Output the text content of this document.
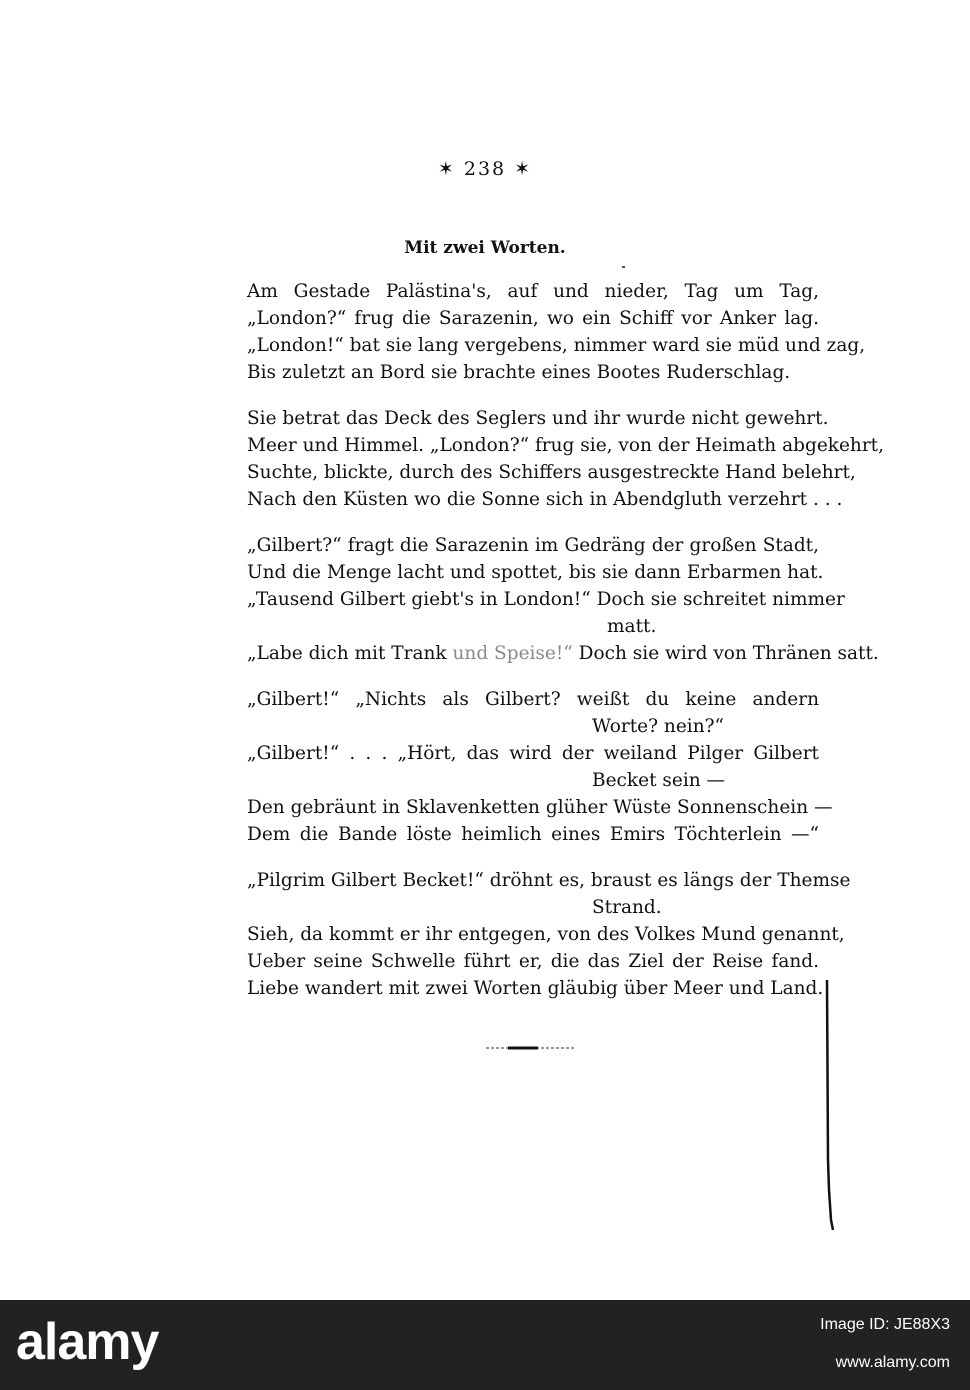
✶ 238 ✶
Mit zwei Worten.
Am Gestade Palästina's, auf und nieder, Tag um Tag,
„London?“ frug die Sarazenin, wo ein Schiff vor Anker lag.
„London!“ bat sie lang vergebens, nimmer ward sie müd und zag,
Bis zuletzt an Bord sie brachte eines Bootes Ruderschlag.
Sie betrat das Deck des Seglers und ihr wurde nicht gewehrt.
Meer und Himmel. „London?“ frug sie, von der Heimath abgekehrt,
Suchte, blickte, durch des Schiffers ausgestreckte Hand belehrt,
Nach den Küsten wo die Sonne sich in Abendgluth verzehrt . . .
„Gilbert?“ fragt die Sarazenin im Gedräng der großen Stadt,
Und die Menge lacht und spottet, bis sie dann Erbarmen hat.
„Tausend Gilbert giebt's in London!“ Doch sie schreitet nimmer
matt.
„Labe dich mit Trank und Speise!“ Doch sie wird von Thränen satt.
„Gilbert!“ „Nichts als Gilbert? weißt du keine andern
Worte? nein?“
„Gilbert!“ . . . „Hört, das wird der weiland Pilger Gilbert
Becket sein —
Den gebräunt in Sklavenketten glüher Wüste Sonnenschein —
Dem die Bande löste heimlich eines Emirs Töchterlein —“
„Pilgrim Gilbert Becket!“ dröhnt es, braust es längs der Themse
Strand.
Sieh, da kommt er ihr entgegen, von des Volkes Mund genannt,
Ueber seine Schwelle führt er, die das Ziel der Reise fand.
Liebe wandert mit zwei Worten gläubig über Meer und Land.
alamy	Image ID: JE88X3
www.alamy.com
